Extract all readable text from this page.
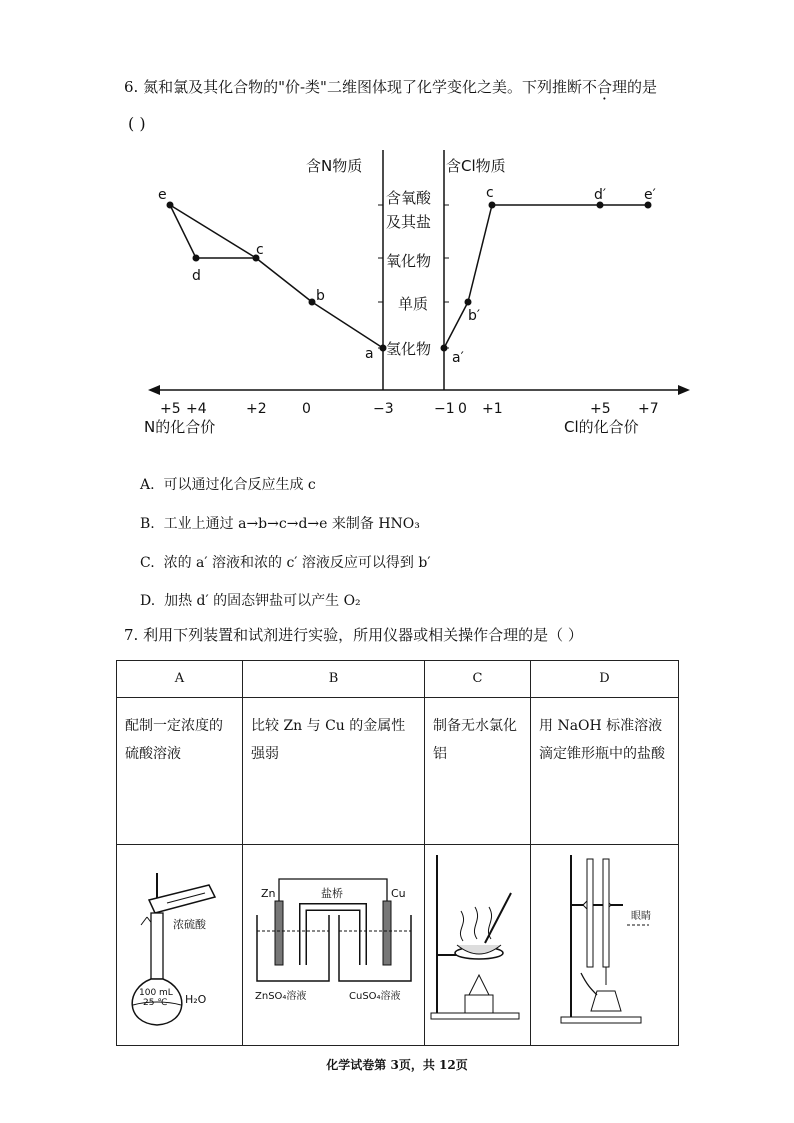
6. 氮和氯及其化合物的"价-类"二维图体现了化学变化之美。下列推断不合理的是
( )
含N物质	含Cl物质
含氧酸
及其盐
氧化物
单质
氢化物
+5 +4	+2	0	−3	−1 0 +1	+5 +7
a
b
c
d
e
a′
b′
c	d′	e′
N的化合价	Cl的化合价
A. 可以通过化合反应生成 c
B. 工业上通过 a→b→c→d→e 来制备 HNO₃
C. 浓的 a′ 溶液和浓的 c′ 溶液反应可以得到 b′
D. 加热 d′ 的固态钾盐可以产生 O₂
7. 利用下列装置和试剂进行实验，所用仪器或相关操作合理的是（ ）
A	B	C	D
配制一定浓度的硫酸溶液	比较 Zn 与 Cu 的金属性强弱	制备无水氯化铝	用 NaOH 标准溶液滴定锥形瓶中的盐酸

浓硫酸
100 mL
25 ℃ H₂O	Zn Cu
盐桥
ZnSO₄溶液 CuSO₄溶液		眼睛
化学试卷第 3页，共 12页
